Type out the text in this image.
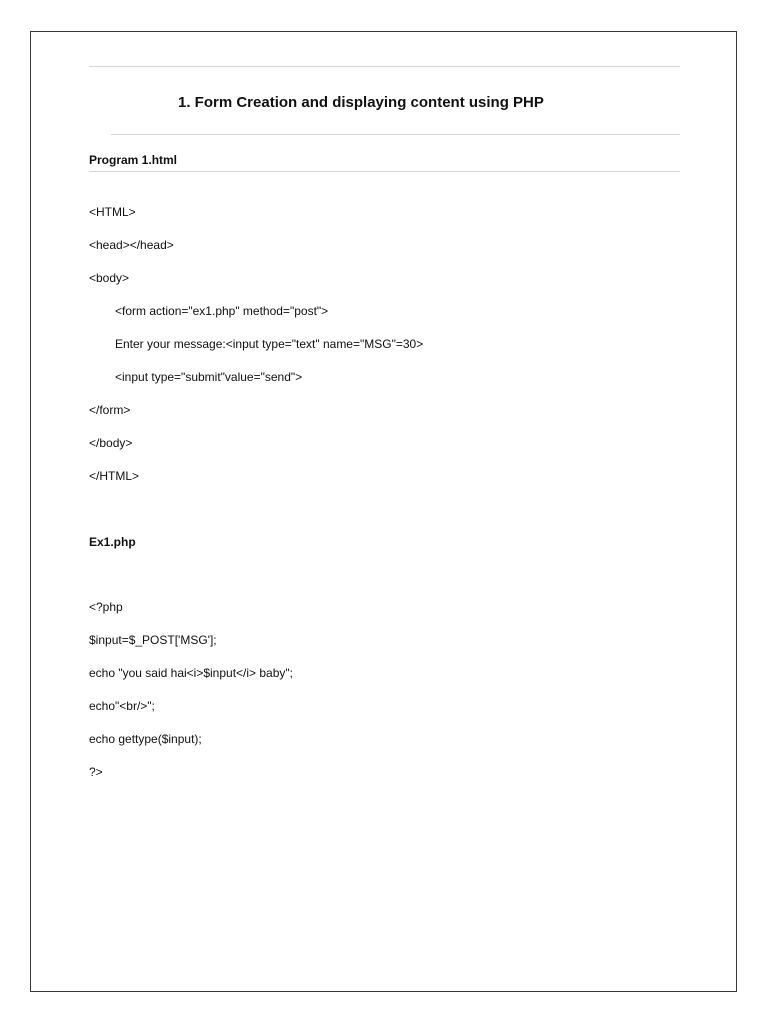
1. Form Creation and displaying content using PHP
Program 1.html
<HTML>
<head></head>
<body>
<form action="ex1.php" method="post">
Enter your message:<input type="text" name="MSG"=30>
<input type="submit"value="send">
</form>
</body>
</HTML>
Ex1.php
<?php
$input=$_POST['MSG'];
echo "you said hai<i>$input</i> baby";
echo"<br/>";
echo gettype($input);
?>
